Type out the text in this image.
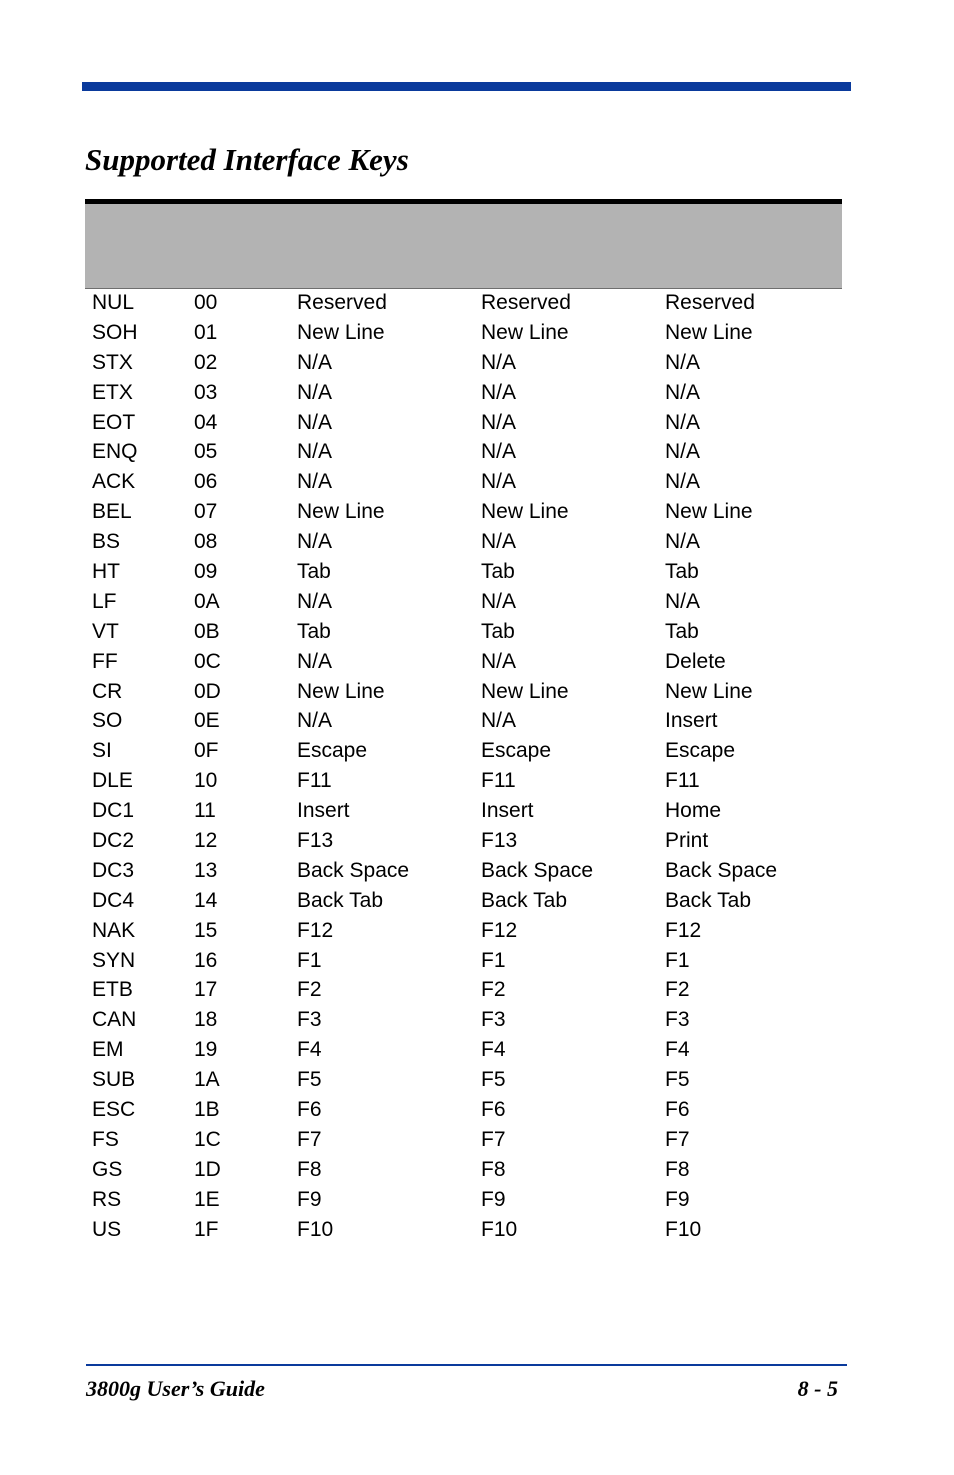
Supported Interface Keys
NUL	00	Reserved	Reserved	Reserved
SOH	01	New Line	New Line	New Line
STX	02	N/A	N/A	N/A
ETX	03	N/A	N/A	N/A
EOT	04	N/A	N/A	N/A
ENQ	05	N/A	N/A	N/A
ACK	06	N/A	N/A	N/A
BEL	07	New Line	New Line	New Line
BS	08	N/A	N/A	N/A
HT	09	Tab	Tab	Tab
LF	0A	N/A	N/A	N/A
VT	0B	Tab	Tab	Tab
FF	0C	N/A	N/A	Delete
CR	0D	New Line	New Line	New Line
SO	0E	N/A	N/A	Insert
SI	0F	Escape	Escape	Escape
DLE	10	F11	F11	F11
DC1	11	Insert	Insert	Home
DC2	12	F13	F13	Print
DC3	13	Back Space	Back Space	Back Space
DC4	14	Back Tab	Back Tab	Back Tab
NAK	15	F12	F12	F12
SYN	16	F1	F1	F1
ETB	17	F2	F2	F2
CAN	18	F3	F3	F3
EM	19	F4	F4	F4
SUB	1A	F5	F5	F5
ESC	1B	F6	F6	F6
FS	1C	F7	F7	F7
GS	1D	F8	F8	F8
RS	1E	F9	F9	F9
US	1F	F10	F10	F10
3800g User’s Guide	8 - 5
